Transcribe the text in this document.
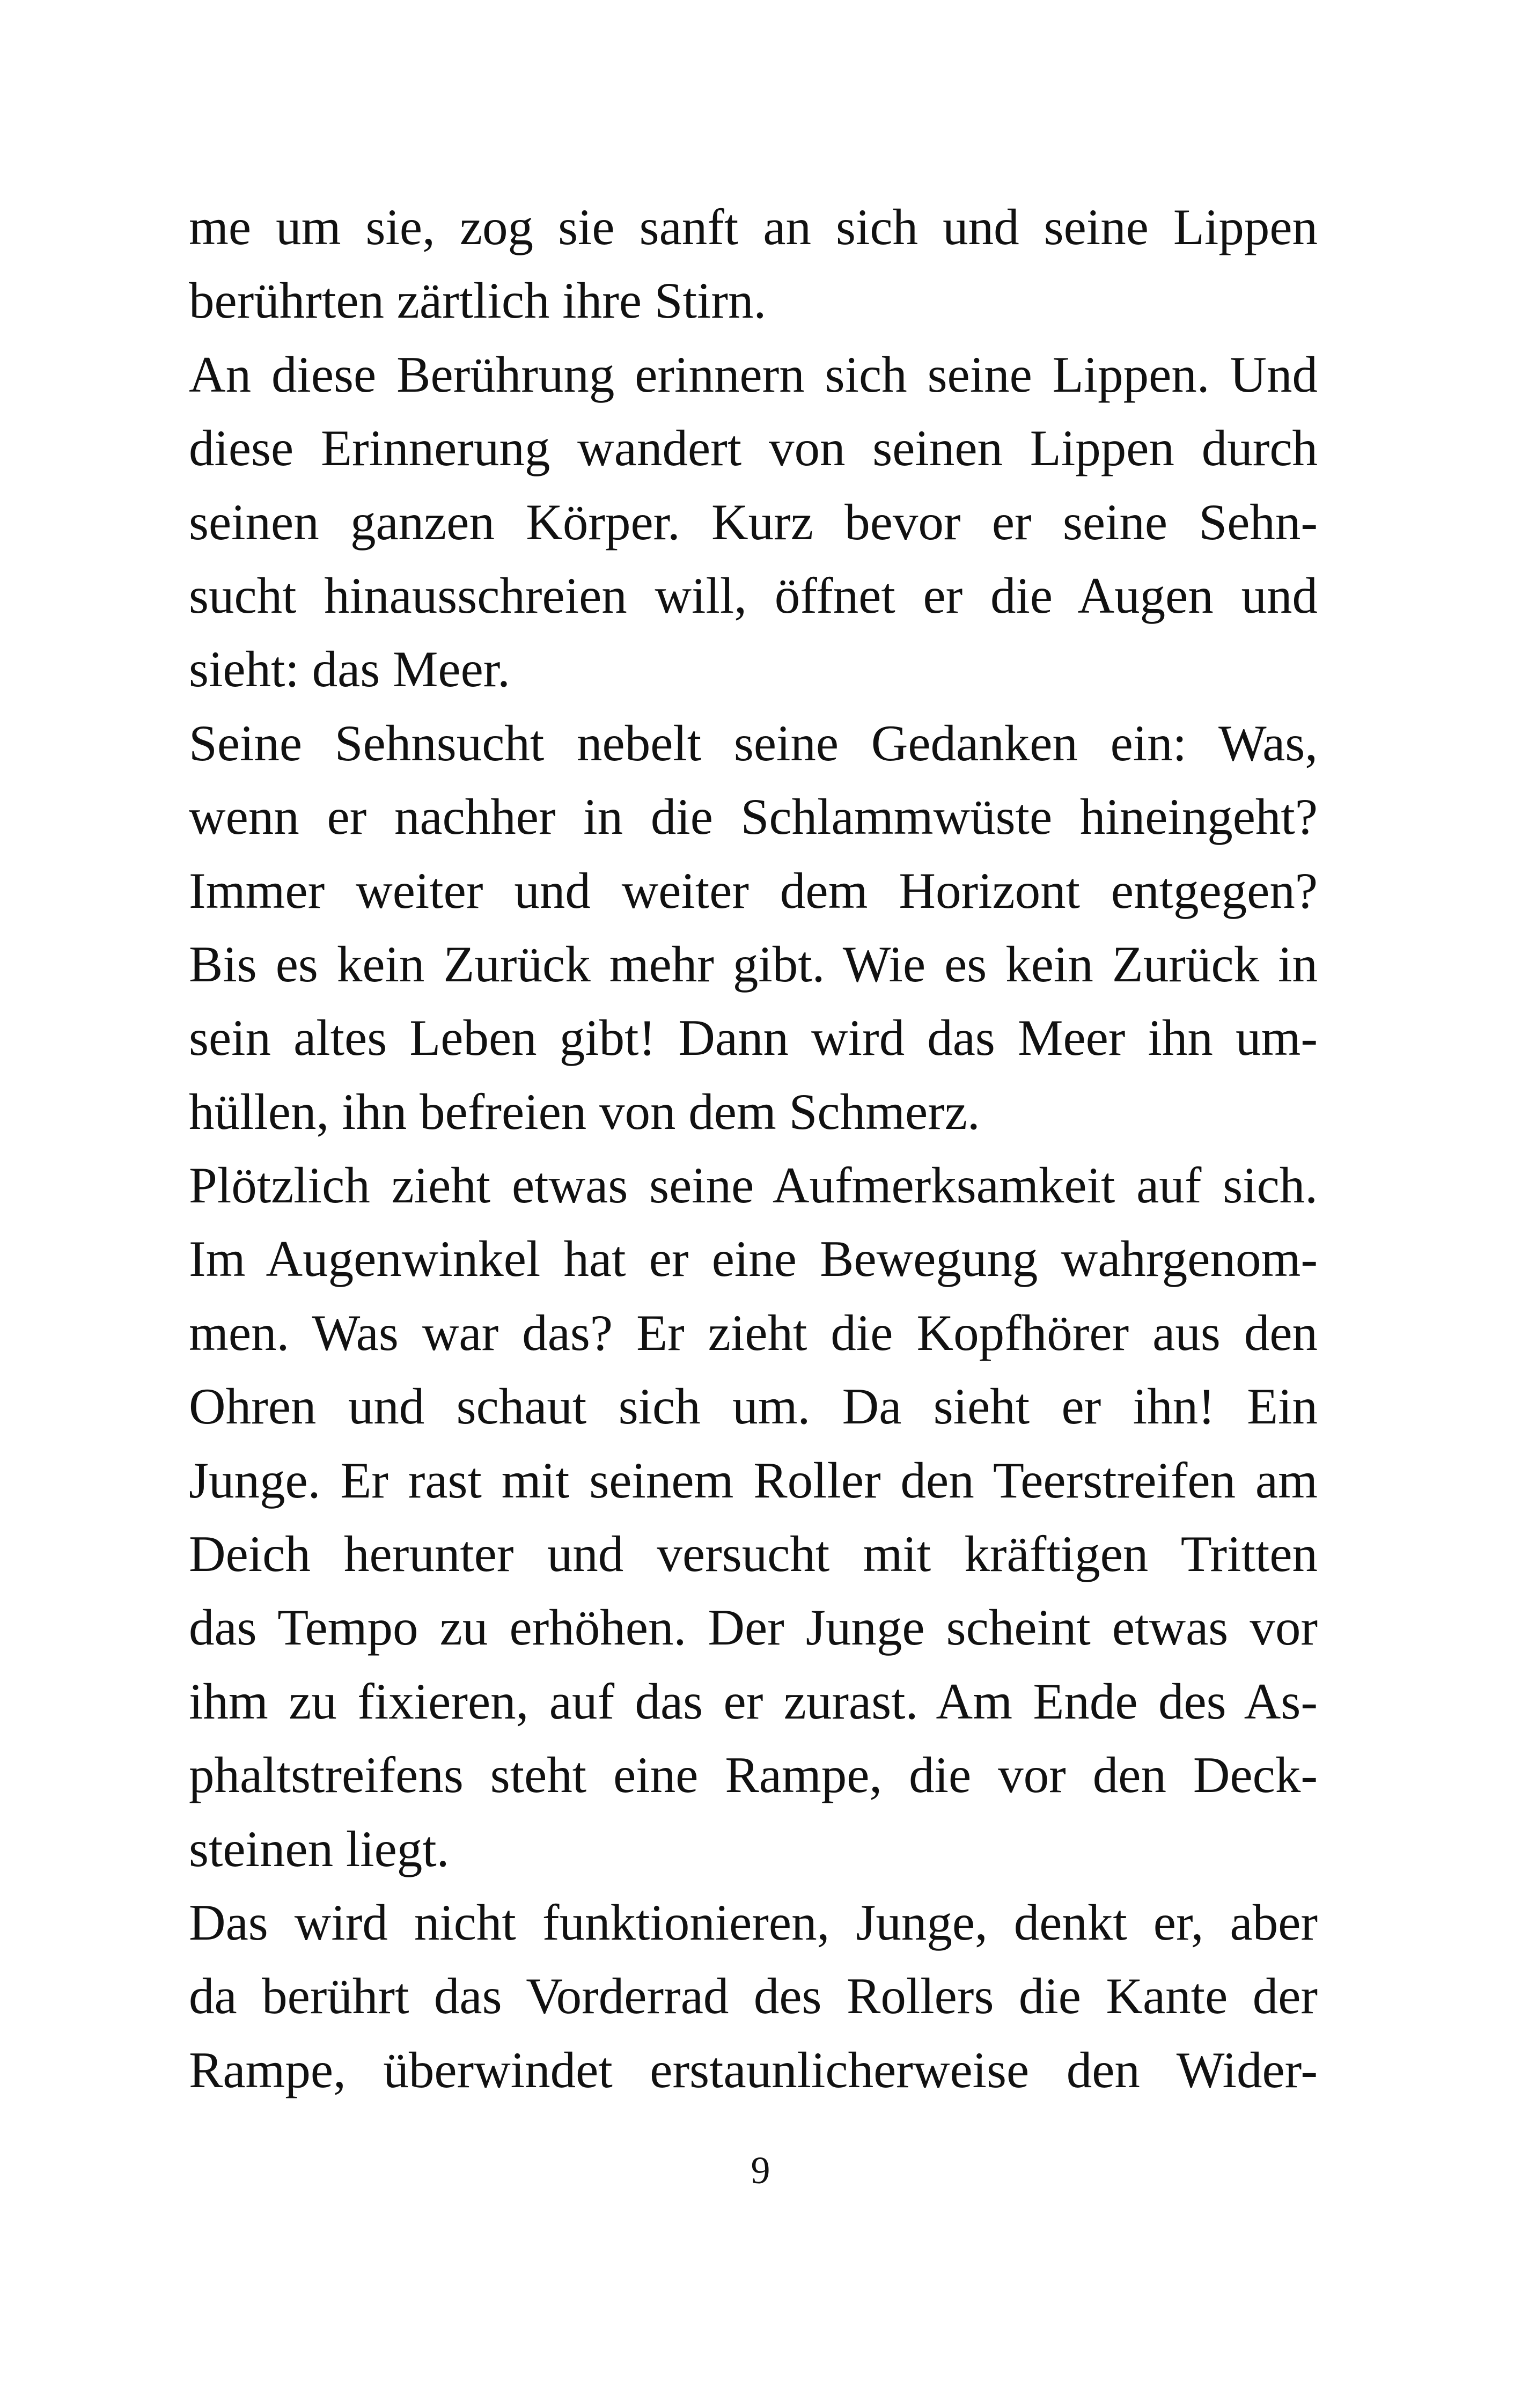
me um sie, zog sie sanft an sich und seine Lippen
berührten zärtlich ihre Stirn.
An diese Berührung erinnern sich seine Lippen. Und
diese Erinnerung wandert von seinen Lippen durch
seinen ganzen Körper. Kurz bevor er seine Sehn-
sucht hinausschreien will, öffnet er die Augen und
sieht: das Meer.
Seine Sehnsucht nebelt seine Gedanken ein: Was,
wenn er nachher in die Schlammwüste hineingeht?
Immer weiter und weiter dem Horizont entgegen?
Bis es kein Zurück mehr gibt. Wie es kein Zurück in
sein altes Leben gibt! Dann wird das Meer ihn um-
hüllen, ihn befreien von dem Schmerz.
Plötzlich zieht etwas seine Aufmerksamkeit auf sich.
Im Augenwinkel hat er eine Bewegung wahrgenom-
men. Was war das? Er zieht die Kopfhörer aus den
Ohren und schaut sich um. Da sieht er ihn! Ein
Junge. Er rast mit seinem Roller den Teerstreifen am
Deich herunter und versucht mit kräftigen Tritten
das Tempo zu erhöhen. Der Junge scheint etwas vor
ihm zu fixieren, auf das er zurast. Am Ende des As-
phaltstreifens steht eine Rampe, die vor den Deck-
steinen liegt.
Das wird nicht funktionieren, Junge, denkt er, aber
da berührt das Vorderrad des Rollers die Kante der
Rampe, überwindet erstaunlicherweise den Wider-
9
